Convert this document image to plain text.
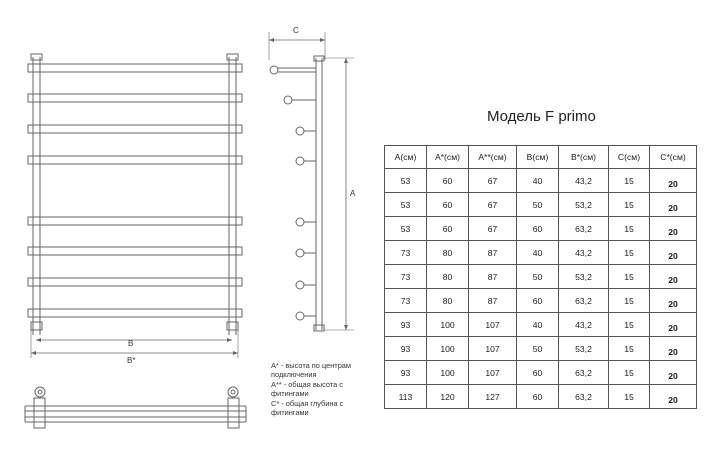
B
B*
C
A
A* - высота по центрам
подключения
A** - общая высота с
фитингами
C* - общая глубина с
фитингами
Модель F primo
A(см)	A*(см)	A**(см)	B(см)	B*(см)	C(см)	C*(см)
53	60	67	40	43,2	15	20
53	60	67	50	53,2	15	20
53	60	67	60	63,2	15	20
73	80	87	40	43,2	15	20
73	80	87	50	53,2	15	20
73	80	87	60	63,2	15	20
93	100	107	40	43,2	15	20
93	100	107	50	53,2	15	20
93	100	107	60	63,2	15	20
113	120	127	60	63,2	15	20
